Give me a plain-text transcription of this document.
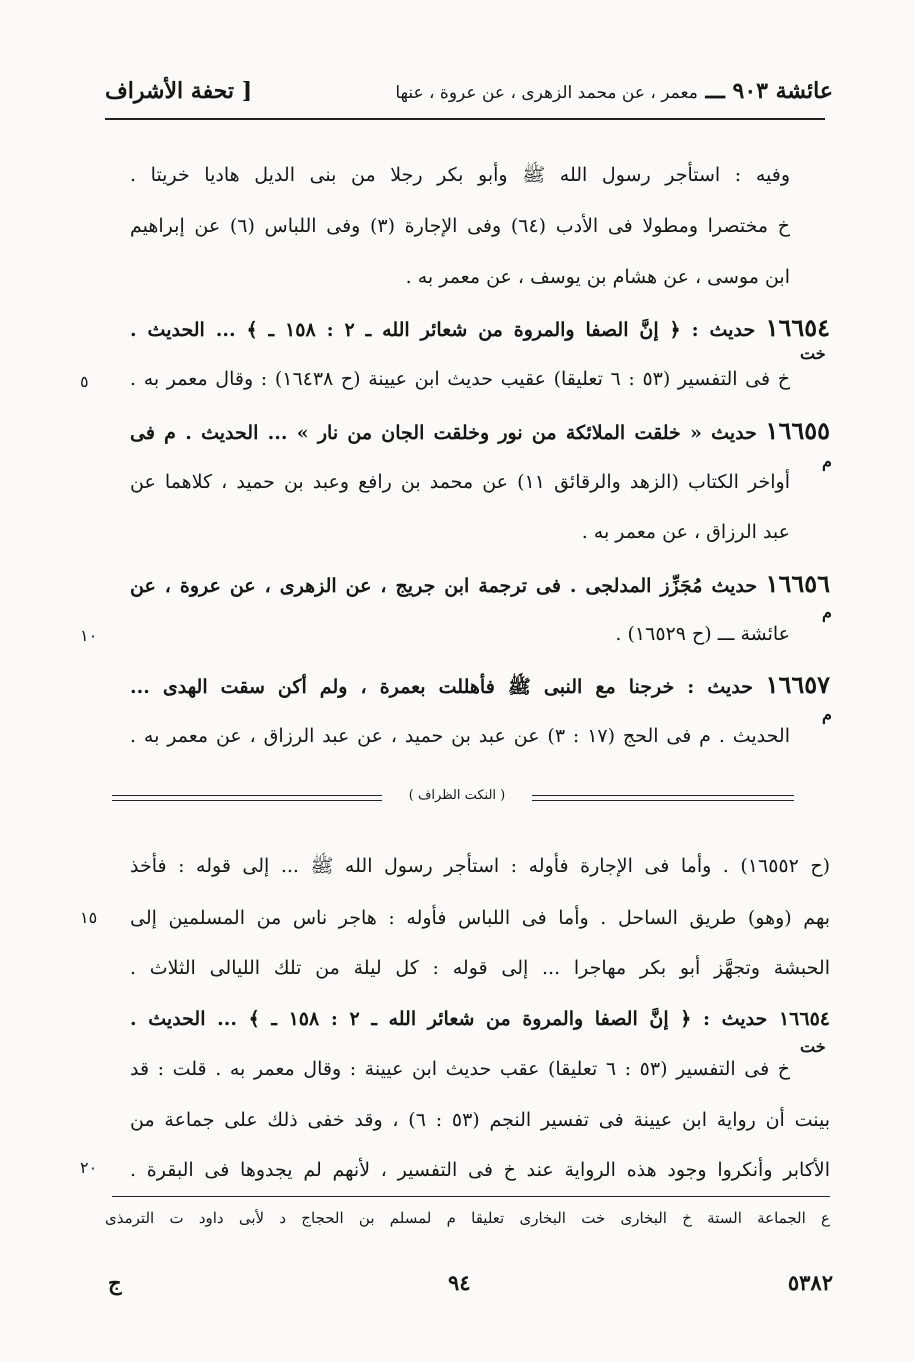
عائشة ٩٠٣ ـــ معمر ، عن محمد الزهرى ، عن عروة ، عنها
[ تحفة الأشراف
وفيه : استأجر رسول الله ﷺ وأبو بكر رجلا من بنى الديل هاديا خريتا .
خ مختصرا ومطولا فى الأدب (٦٤) وفى الإجارة (٣) وفى اللباس (٦) عن إبراهيم
ابن موسى ، عن هشام بن يوسف ، عن معمر به .
١٦٦٥٤ حديث : ﴿ إنَّ الصفا والمروة من شعائر الله ـ ٢ : ١٥٨ ـ ﴾ ... الحديث .
خ فى التفسير (٥٣ : ٦ تعليقا) عقيب حديث ابن عيينة (ح ١٦٤٣٨) : وقال معمر به .
١٦٦٥٥ حديث « خلقت الملائكة من نور وخلقت الجان من نار » ... الحديث . م فى
أواخر الكتاب (الزهد والرقائق ١١) عن محمد بن رافع وعبد بن حميد ، كلاهما عن
عبد الرزاق ، عن معمر به .
١٦٦٥٦ حديث مُجَزِّز المدلجى . فى ترجمة ابن جريج ، عن الزهرى ، عن عروة ، عن
عائشة ـــ (ح ١٦٥٢٩) .
١٦٦٥٧ حديث : خرجنا مع النبى ﷺ فأهللت بعمرة ، ولم أكن سقت الهدى ...
الحديث . م فى الحج (١٧ : ٣) عن عبد بن حميد ، عن عبد الرزاق ، عن معمر به .
خت
م
م
م
خت
٥
١٠
١٥
٢٠
( النكت الظراف )
(ح ١٦٥٥٢) . وأما فى الإجارة فأوله : استأجر رسول الله ﷺ ... إلى قوله : فأخذ
بهم (وهو) طريق الساحل . وأما فى اللباس فأوله : هاجر ناس من المسلمين إلى
الحبشة وتجهَّز أبو بكر مهاجرا ... إلى قوله : كل ليلة من تلك الليالى الثلاث .
١٦٦٥٤ حديث : ﴿ إنَّ الصفا والمروة من شعائر الله ـ ٢ : ١٥٨ ـ ﴾ ... الحديث .
خ فى التفسير (٥٣ : ٦ تعليقا) عقب حديث ابن عيينة : وقال معمر به . قلت : قد
بينت أن رواية ابن عيينة فى تفسير النجم (٥٣ : ٦) ، وقد خفى ذلك على جماعة من
الأكابر وأنكروا وجود هذه الرواية عند خ فى التفسير ، لأنهم لم يجدوها فى البقرة .
ع الجماعة الستة خ البخارى خت البخارى تعليقا م لمسلم بن الحجاج د لأبى داود ت الترمذى
٥٣٨٢
٩٤
ج
